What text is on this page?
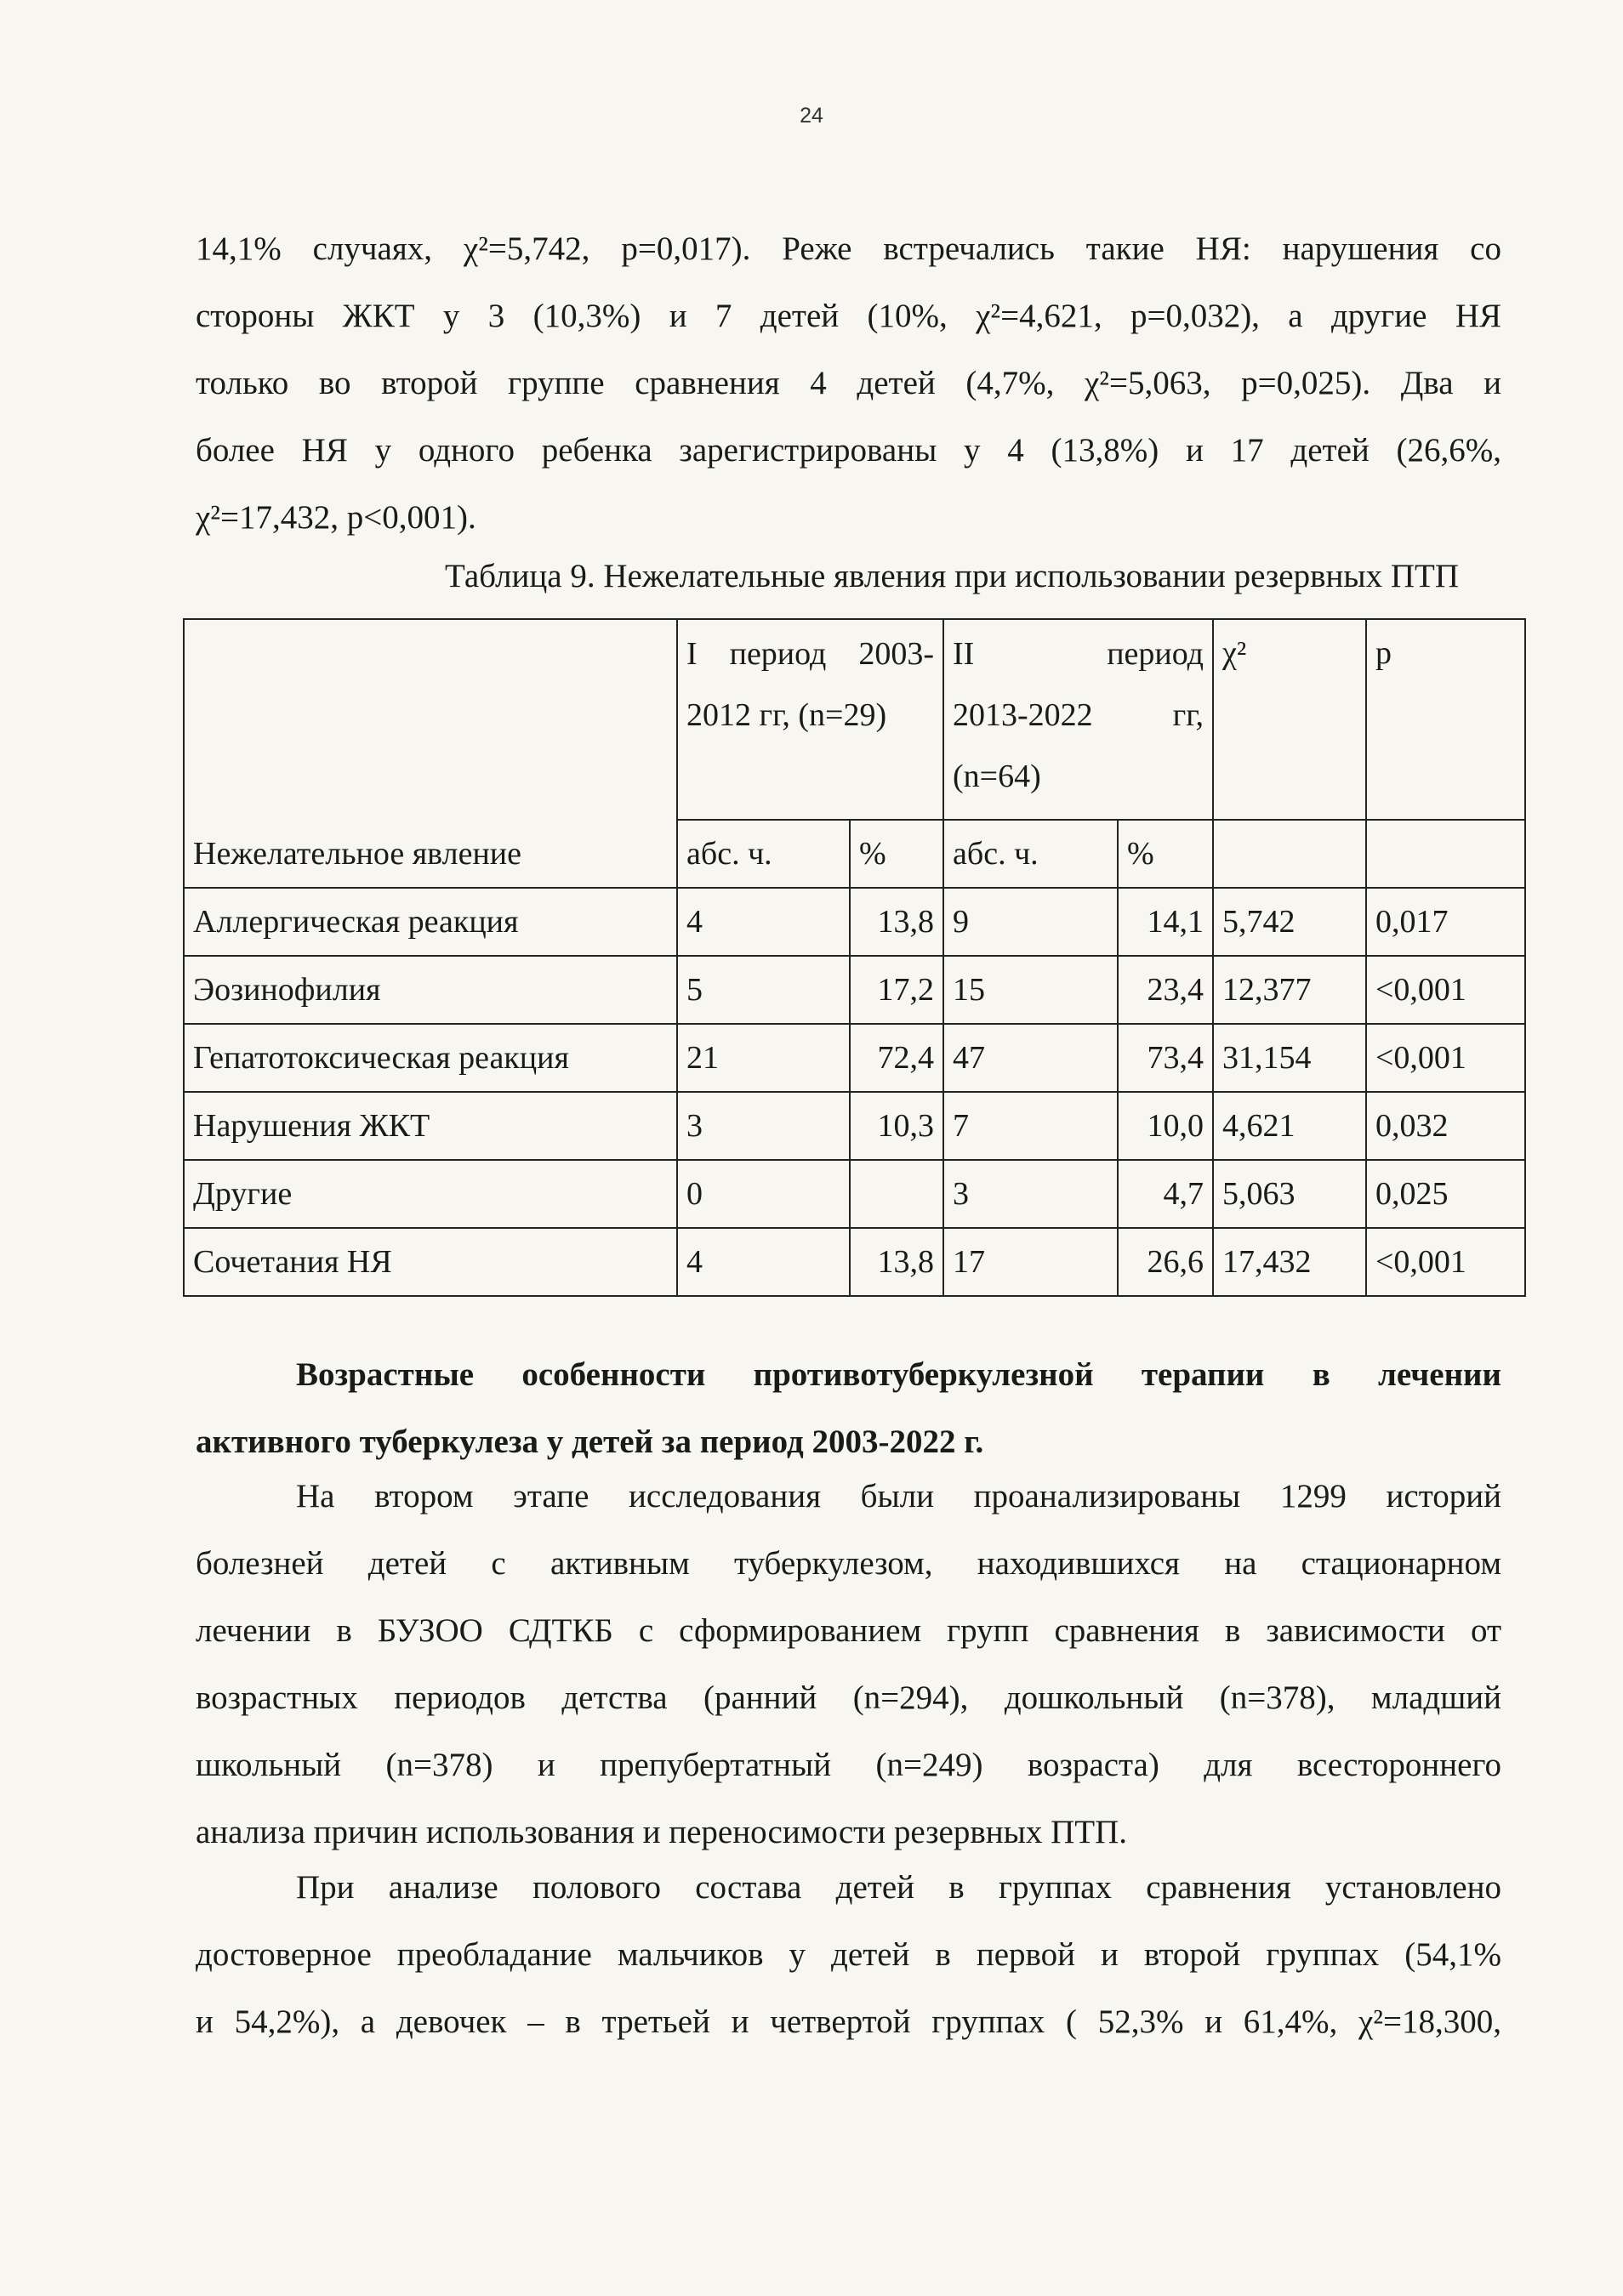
24
14,1% случаях, χ²=5,742, p=0,017). Реже встречались такие НЯ: нарушения со
стороны ЖКТ у 3 (10,3%) и 7 детей (10%, χ²=4,621, p=0,032), а другие НЯ
только во второй группе сравнения 4 детей (4,7%, χ²=5,063, p=0,025). Два и
более НЯ у одного ребенка зарегистрированы у 4 (13,8%) и 17 детей (26,6%,
χ²=17,432, p<0,001).
Таблица 9. Нежелательные явления при использовании резервных ПТП
Нежелательное явление	I период 2003-
2012 гг, (n=29)		II период
2013-2022 гг,
(n=64)		χ²	p
	абс. ч.	%	абс. ч.	%		
Аллергическая реакция	4	13,8	9	14,1	5,742	0,017
Эозинофилия	5	17,2	15	23,4	12,377	<0,001
Гепатотоксическая реакция	21	72,4	47	73,4	31,154	<0,001
Нарушения ЖКТ	3	10,3	7	10,0	4,621	0,032
Другие	0		3	4,7	5,063	0,025
Сочетания НЯ	4	13,8	17	26,6	17,432	<0,001
Возрастные особенности противотуберкулезной терапии в лечении
активного туберкулеза у детей за период 2003-2022 г.
На втором этапе исследования были проанализированы 1299 историй
болезней детей с активным туберкулезом, находившихся на стационарном
лечении в БУЗОО СДТКБ с сформированием групп сравнения в зависимости от
возрастных периодов детства (ранний (n=294), дошкольный (n=378), младший
школьный (n=378) и препубертатный (n=249) возраста) для всестороннего
анализа причин использования и переносимости резервных ПТП.
При анализе полового состава детей в группах сравнения установлено
достоверное преобладание мальчиков у детей в первой и второй группах (54,1%
и 54,2%), а девочек – в третьей и четвертой группах ( 52,3% и 61,4%, χ²=18,300,
